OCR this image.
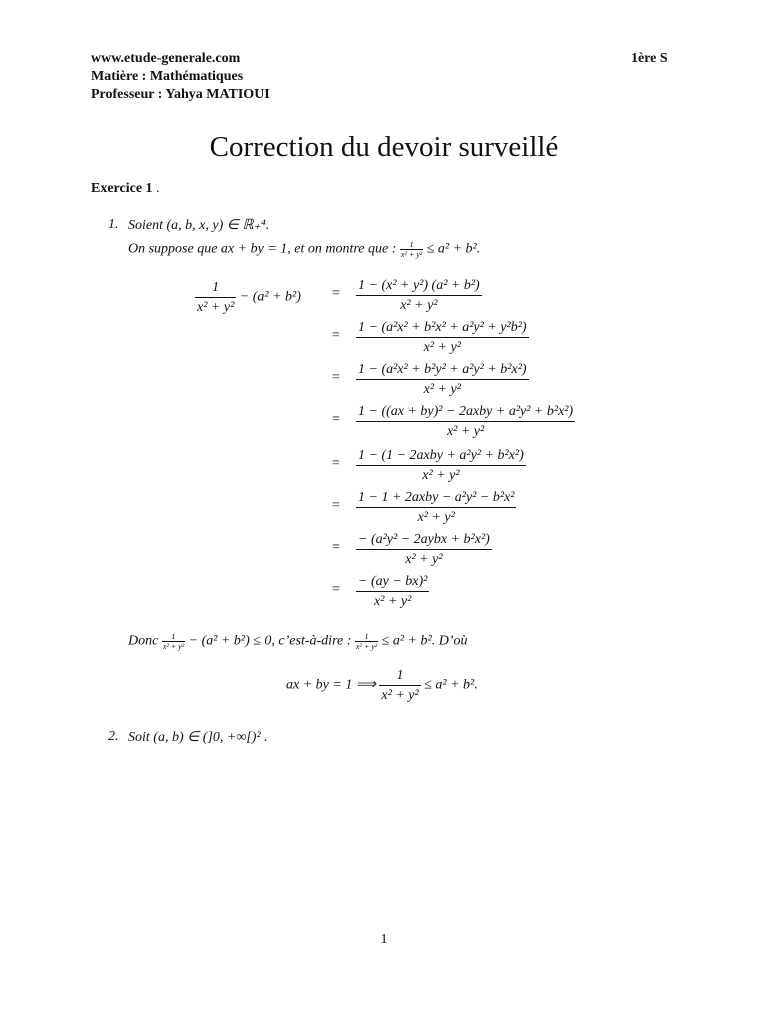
www.etude-generale.com	1ère S
Matière : Mathématiques
Professeur : Yahya MATIOUI
Correction du devoir surveillé
Exercice 1 .
1. Soient (a, b, x, y) ∈ ℝ₊⁴.
On suppose que ax + by = 1, et on montre que : $\frac{1}{\text{x² + y²}} \le a^2 + b^2$.
$\frac{1}{\text{x² + y²}} - (a^2 + b^2) = \frac{\text{1 − (x² + y²) (a² + b²)}}{\text{x² + y²}}$
= $\frac{\text{1 − (a²x² + b²x² + a²y² + y²b²)}}{\text{x² + y²}}$
= $\frac{\text{1 − (a²x² + b²y² + a²y² + b²x²)}}{\text{x² + y²}}$
=
1 − ((ax + by)² − 2axby + a²y² + b²x²)
x² + y²
=
1 − (1 − 2axby + a²y² + b²x²)
x² + y²
=
1 − 1 + 2axby − a²y² − b²x²
x² + y²
=
− (a²y² − 2aybx + b²x²)
x² + y²
= $\frac{\text{− (ay − bx)²}}{\text{x² + y²}}$
Donc $\frac{1}{\text{x² + y²}} - (a^2 + b^2) \le 0$, c’est-à-dire : $\frac{1}{\text{x² + y²}} \le a^2 + b^2$. D’où
ax + by = 1 ⟹ $\frac{1}{\text{x² + y²}} \le a^2 + b^2$.
2. Soit (a, b) ∈ (]0, +∞[)² .
1
